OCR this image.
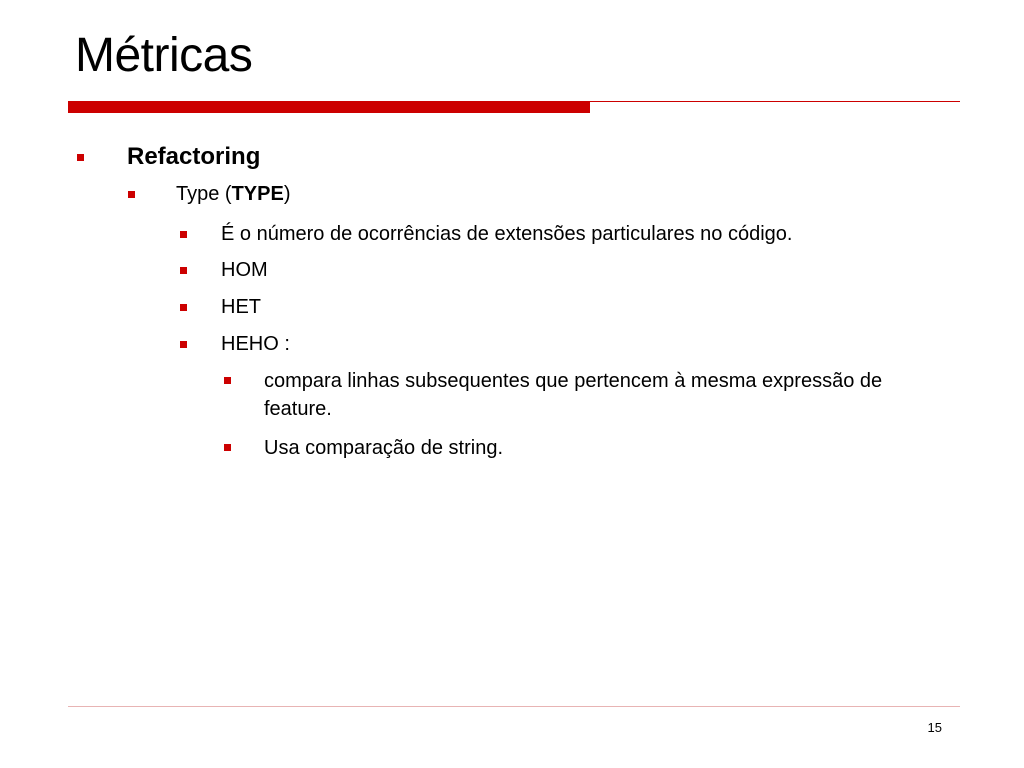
Métricas
Refactoring
Type (TYPE)
É o número de ocorrências de extensões particulares no código.
HOM
HET
HEHO :
compara linhas subsequentes que pertencem à mesma expressão de feature.
Usa comparação de string.
15
